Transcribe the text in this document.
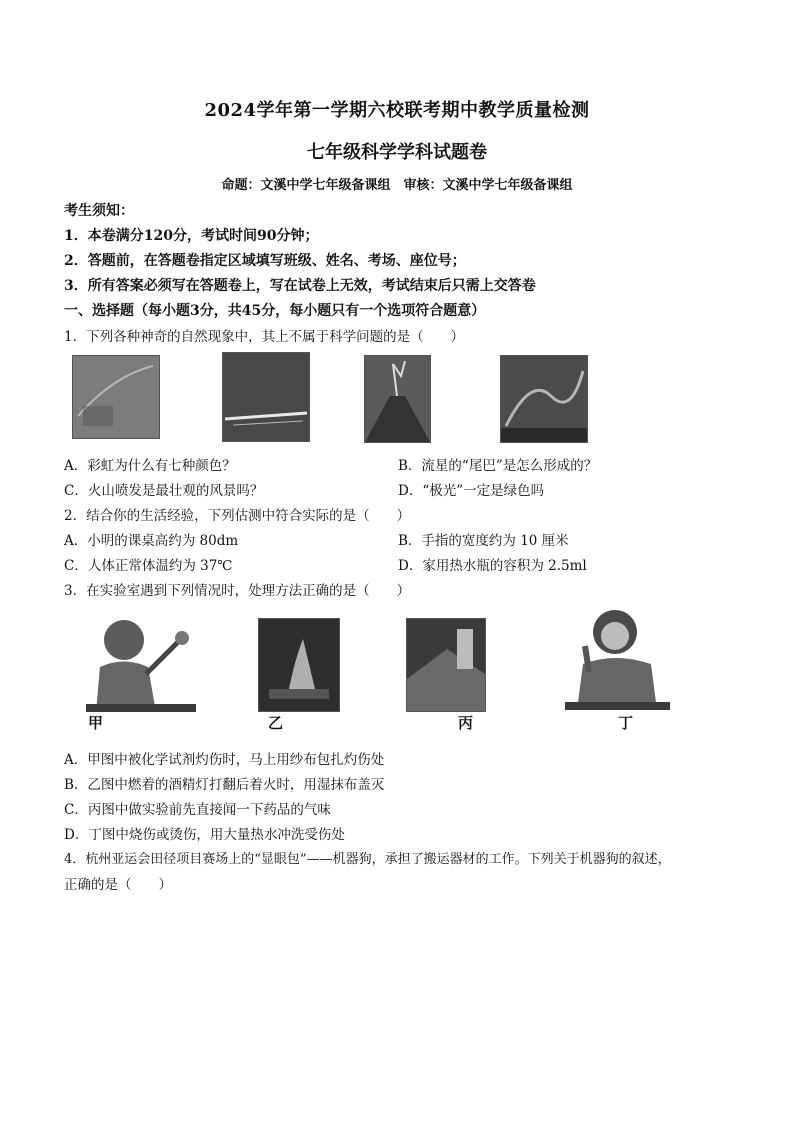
2024学年第一学期六校联考期中教学质量检测
七年级科学学科试题卷
命题：文溪中学七年级备课组　审核：文溪中学七年级备课组
考生须知：
1．本卷满分120分，考试时间90分钟；
2．答题前，在答题卷指定区域填写班级、姓名、考场、座位号；
3．所有答案必须写在答题卷上，写在试卷上无效，考试结束后只需上交答卷
一、选择题（每小题3分，共45分，每小题只有一个选项符合题意）
1．下列各种神奇的自然现象中，其上不属于科学问题的是（　　）
A．彩虹为什么有七种颜色？	B．流星的“尾巴”是怎么形成的？
C．火山喷发是最壮观的风景吗？	D．“极光”一定是绿色吗
2．结合你的生活经验，下列估测中符合实际的是（　　）
A．小明的课桌高约为 80dm	B．手指的宽度约为 10 厘米
C．人体正常体温约为 37℃	D．家用热水瓶的容积为 2.5ml
3．在实验室遇到下列情况时，处理方法正确的是（　　）
甲	乙	丙	丁
A．甲图中被化学试剂灼伤时，马上用纱布包扎灼伤处
B．乙图中燃着的酒精灯打翻后着火时，用湿抹布盖灭
C．丙图中做实验前先直接闻一下药品的气味
D．丁图中烧伤或烫伤，用大量热水冲洗受伤处
4．杭州亚运会田径项目赛场上的“显眼包”——机器狗，承担了搬运器材的工作。下列关于机器狗的叙述，
正确的是（　　）
